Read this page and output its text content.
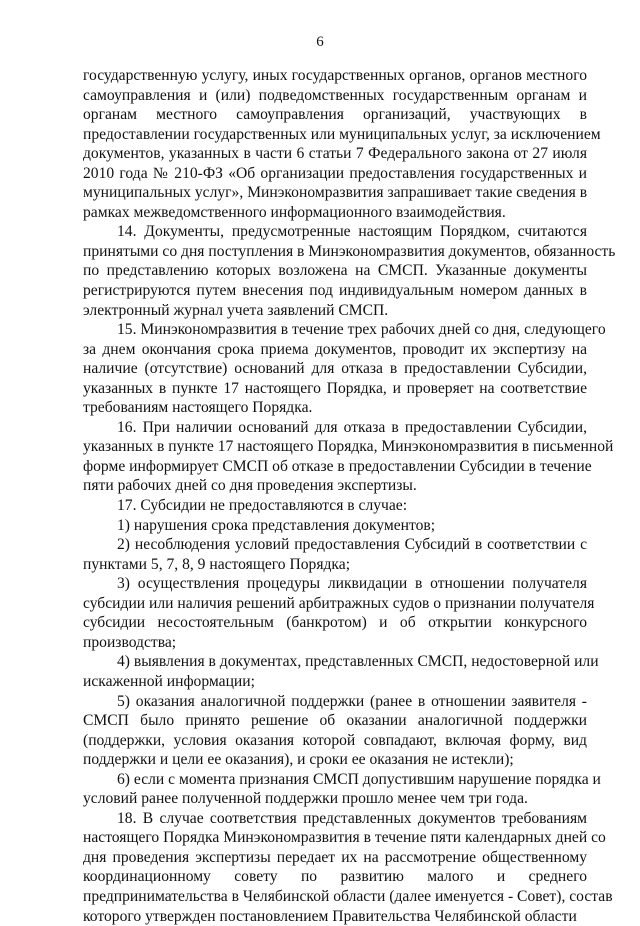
6
государственную услугу, иных государственных органов, органов местного
самоуправления и (или) подведомственных государственным органам и
органам местного самоуправления организаций, участвующих в
предоставлении государственных или муниципальных услуг, за исключением
документов, указанных в части 6 статьи 7 Федерального закона от 27 июля
2010 года № 210-ФЗ «Об организации предоставления государственных и
муниципальных услуг», Минэкономразвития запрашивает такие сведения в
рамках межведомственного информационного взаимодействия.
14. Документы, предусмотренные настоящим Порядком, считаются
принятыми со дня поступления в Минэкономразвития документов, обязанность
по представлению которых возложена на СМСП. Указанные документы
регистрируются путем внесения под индивидуальным номером данных в
электронный журнал учета заявлений СМСП.
15. Минэкономразвития в течение трех рабочих дней со дня, следующего
за днем окончания срока приема документов, проводит их экспертизу на
наличие (отсутствие) оснований для отказа в предоставлении Субсидии,
указанных в пункте 17 настоящего Порядка, и проверяет на соответствие
требованиям настоящего Порядка.
16. При наличии оснований для отказа в предоставлении Субсидии,
указанных в пункте 17 настоящего Порядка, Минэкономразвития в письменной
форме информирует СМСП об отказе в предоставлении Субсидии в течение
пяти рабочих дней со дня проведения экспертизы.
17. Субсидии не предоставляются в случае:
1) нарушения срока представления документов;
2) несоблюдения условий предоставления Субсидий в соответствии с
пунктами 5, 7, 8, 9 настоящего Порядка;
3) осуществления процедуры ликвидации в отношении получателя
субсидии или наличия решений арбитражных судов о признании получателя
субсидии несостоятельным (банкротом) и об открытии конкурсного
производства;
4) выявления в документах, представленных СМСП, недостоверной или
искаженной информации;
5) оказания аналогичной поддержки (ранее в отношении заявителя -
СМСП было принято решение об оказании аналогичной поддержки
(поддержки, условия оказания которой совпадают, включая форму, вид
поддержки и цели ее оказания), и сроки ее оказания не истекли);
6) если с момента признания СМСП допустившим нарушение порядка и
условий ранее полученной поддержки прошло менее чем три года.
18. В случае соответствия представленных документов требованиям
настоящего Порядка Минэкономразвития в течение пяти календарных дней со
дня проведения экспертизы передает их на рассмотрение общественному
координационному совету по развитию малого и среднего
предпринимательства в Челябинской области (далее именуется - Совет), состав
которого утвержден постановлением Правительства Челябинской области
